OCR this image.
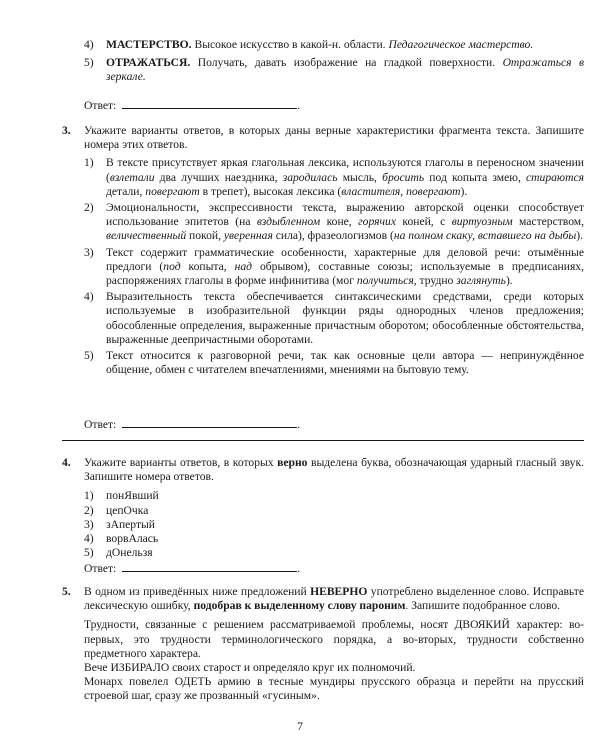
4) МАСТЕРСТВО. Высокое искусство в какой-н. области. Педагогическое мастерство.
5) ОТРАЖАТЬСЯ. Получать, давать изображение на гладкой поверхности. Отражаться в зеркале.
Ответ:	.
3. Укажите варианты ответов, в которых даны верные характеристики фрагмента текста. Запишите номера этих ответов.
1) В тексте присутствует яркая глагольная лексика, используются глаголы в переносном значении (взлетали два лучших наездника, зародилась мысль, бросить под копыта змею, стираются детали, повергают в трепет), высокая лексика (властителя, повергают).
2) Эмоциональности, экспрессивности текста, выражению авторской оценки способствует использование эпитетов (на вздыбленном коне, горячих коней, с виртуозным мастерством, величественный покой, уверенная сила), фразеологизмов (на полном скаку, вставшего на дыбы).
3) Текст содержит грамматические особенности, характерные для деловой речи: отымённые предлоги (под копыта, над обрывом), составные союзы; используемые в предписаниях, распоряжениях глаголы в форме инфинитива (мог получиться, трудно заглянуть).
4) Выразительность текста обеспечивается синтаксическими средствами, среди которых используемые в изобразительной функции ряды однородных членов предложения; обособленные определения, выраженные причастным оборотом; обособленные обстоятельства, выраженные деепричастными оборотами.
5) Текст относится к разговорной речи, так как основные цели автора — непринуждённое общение, обмен с читателем впечатлениями, мнениями на бытовую тему.
Ответ:	.
4. Укажите варианты ответов, в которых верно выделена буква, обозначающая ударный гласный звук. Запишите номера ответов.
1) понЯвший
2) цепОчка
3) зАпертый
4) ворвАлась
5) дОнельзя
Ответ:	.
5. В одном из приведённых ниже предложений НЕВЕРНО употреблено выделенное слово. Исправьте лексическую ошибку, подобрав к выделенному слову пароним. Запишите подобранное слово.
Трудности, связанные с решением рассматриваемой проблемы, носят ДВОЯКИЙ характер: во-первых, это трудности терминологического порядка, а во-вторых, трудности собственно предметного характера.
Вече ИЗБИРАЛО своих старост и определяло круг их полномочий.
Монарх повелел ОДЕТЬ армию в тесные мундиры прусского образца и перейти на прусский строевой шаг, сразу же прозванный «гусиным».
7
